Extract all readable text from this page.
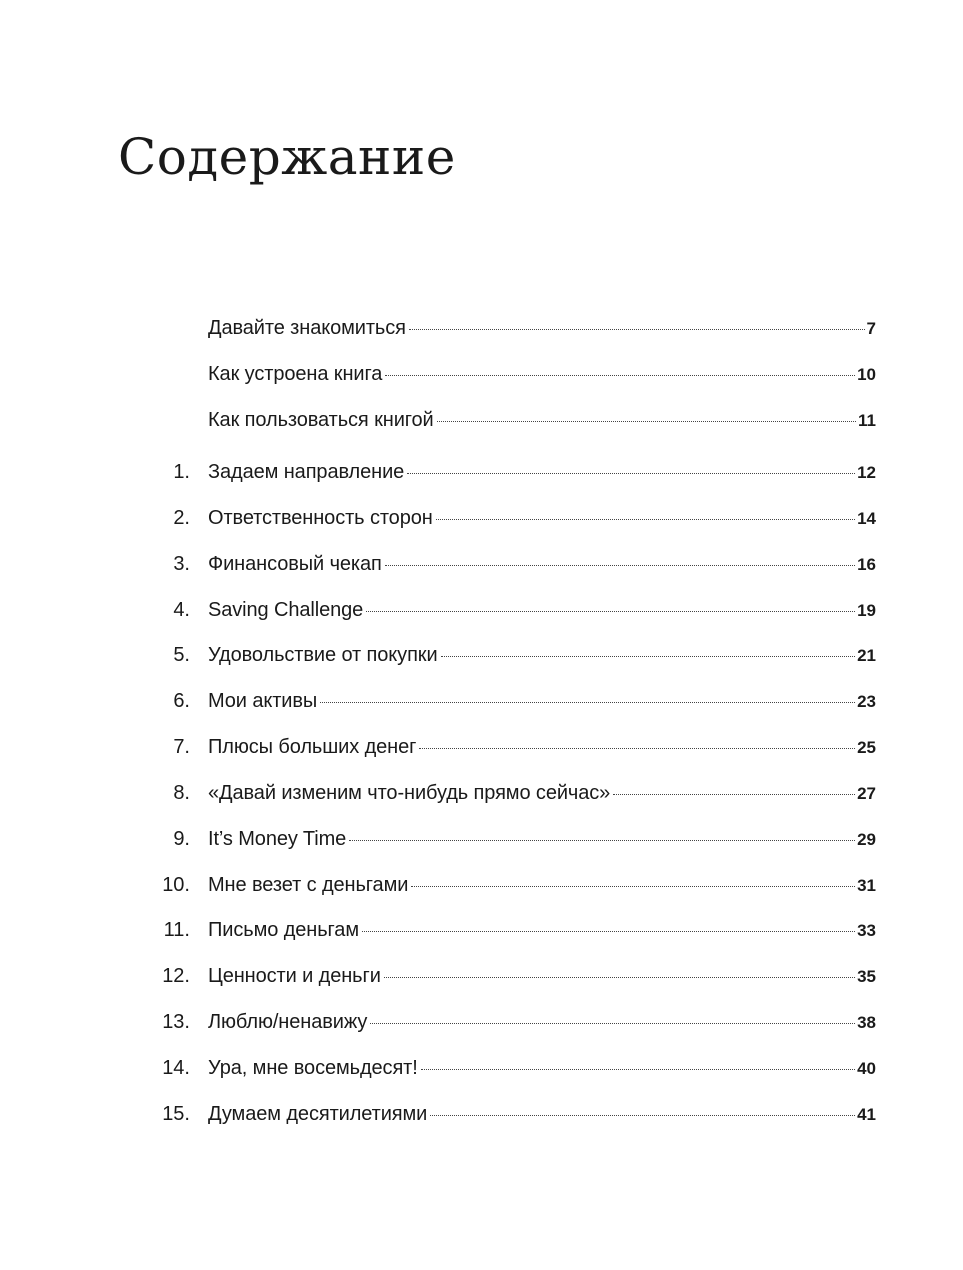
Содержание
Давайте знакомиться	7
Как устроена книга	10
Как пользоваться книгой	11
1. Задаем направление	12
2. Ответственность сторон	14
3. Финансовый чекап	16
4. Saving Challenge	19
5. Удовольствие от покупки	21
6. Мои активы	23
7. Плюсы больших денег	25
8. «Давай изменим что-нибудь прямо сейчас»	27
9. It’s Money Time	29
10. Мне везет с деньгами	31
11. Письмо деньгам	33
12. Ценности и деньги	35
13. Люблю/ненавижу	38
14. Ура, мне восемьдесят!	40
15. Думаем десятилетиями	41
